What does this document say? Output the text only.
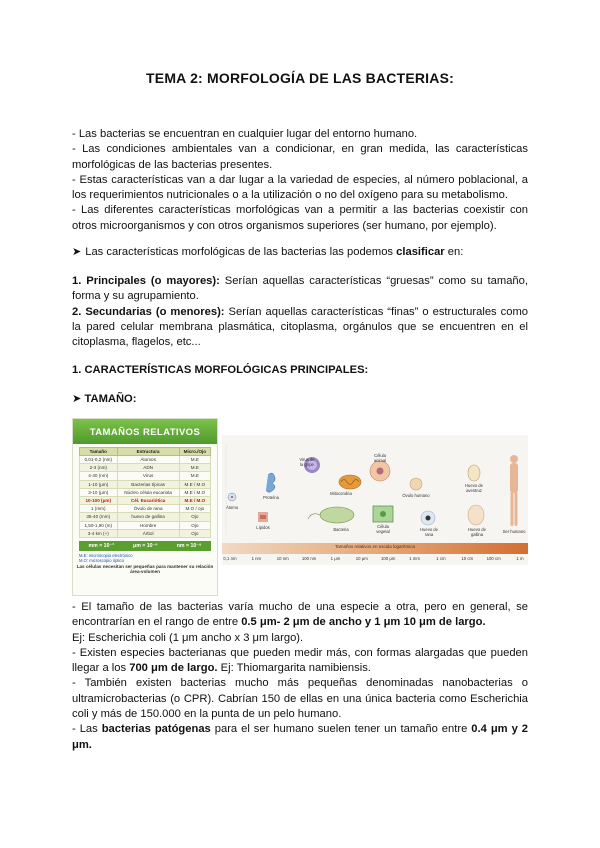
TEMA 2: MORFOLOGÍA DE LAS BACTERIAS:
- Las bacterias se encuentran en cualquier lugar del entorno humano.
- Las condiciones ambientales van a condicionar, en gran medida, las características morfológicas de las bacterias presentes.
- Estas características van a dar lugar a la variedad de especies, al número poblacional, a los requerimientos nutricionales o a la utilización o no del oxígeno para su metabolismo.
- Las diferentes características morfológicas van a permitir a las bacterias coexistir con otros microorganismos y con otros organismos superiores (ser humano, por ejemplo).
➤ Las características morfológicas de las bacterias las podemos clasificar en:
1. Principales (o mayores): Serían aquellas características “gruesas” como su tamaño, forma y su agrupamiento.
2. Secundarias (o menores): Serían aquellas características “finas” o estructurales como la pared celular membrana plasmática, citoplasma, orgánulos que se encuentren en el citoplasma, flagelos, etc...
1. CARACTERÍSTICAS MORFOLÓGICAS PRINCIPALES:
➤ TAMAÑO:
TAMAÑOS RELATIVOS
Tamaño	Estructura	Micro./Ojo
0,01-0,2 (nm)	Átomos	M.E
2-3 (nm)	ADN	M.E
4-40 (nm)	Virus	M.E
1-10 (μm)	Bacterias típicas	M.E / M.O
3-10 (μm)	Núcleo célula eucariota	M.E / M.O
10-100 (μm)	Cél. Eucariótica	M.E / M.O
1 (mm)	Óvulo de rana	M.O / ojo
35-40 (mm)	huevo de gallina	Ojo
1,50-1,90 (m)	Hombre	Ojo
3-4 km (+)	Árbol	Ojo
mm = 10⁻³	μm = 10⁻⁶	nm = 10⁻⁹
M.E: microscopio electrónico
M.O: microscopio óptico
Las células necesitan ser pequeñas para mantener su relación área-volumen
Átomo
Proteína
Lípidos
Virus de la gripe
Mitocondria
Célula animal
Bacteria
Célula vegetal
Óvulo humano
Huevo de rana
Huevo de gallina
Huevo de avestruz
Ser humano
Tamaños relativos en escala logarítmica
0,1 nm	1 nm	10 nm	100 nm	1 μm	10 μm	100 μm	1 mm	1 cm	10 cm	100 cm	1 m
- El tamaño de las bacterias varía mucho de una especie a otra, pero en general, se encontrarían en el rango de entre 0.5 μm- 2 μm de ancho y 1 μm 10 μm de largo.
Ej: Escherichia coli (1 μm ancho x 3 μm largo).
- Existen especies bacterianas que pueden medir más, con formas alargadas que pueden llegar a los 700 μm de largo. Ej: Thiomargarita namibiensis.
- También existen bacterias mucho más pequeñas denominadas nanobacterias o ultramicrobacterias (o CPR). Cabrían 150 de ellas en una única bacteria como Escherichia coli y más de 150.000 en la punta de un pelo humano.
- Las bacterias patógenas para el ser humano suelen tener un tamaño entre 0.4 μm y 2 μm.
